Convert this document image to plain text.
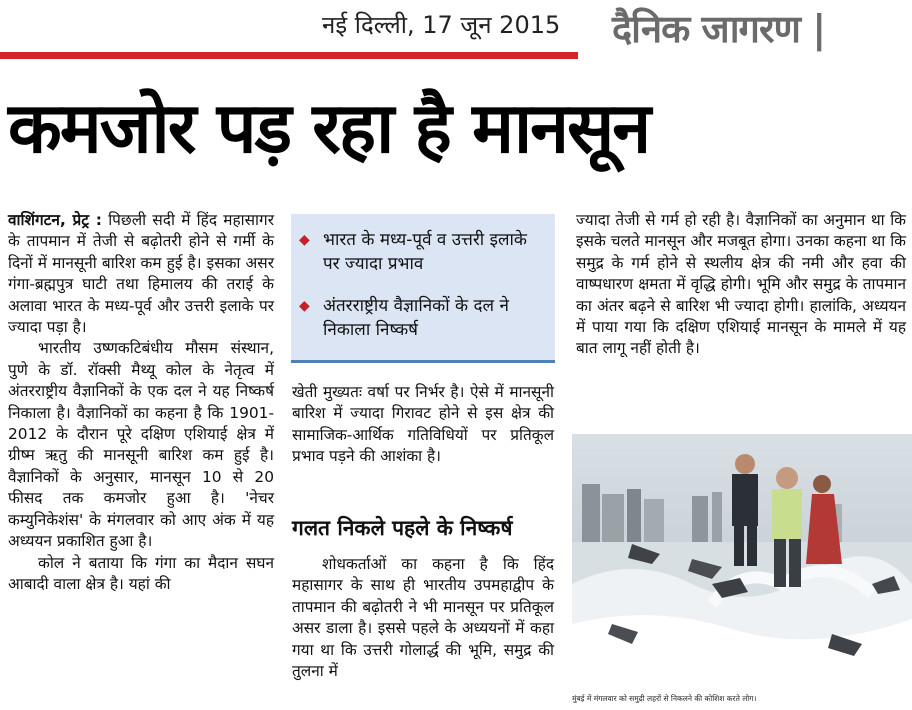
नई दिल्ली, 17 जून 2015 दैनिक जागरण |
कमजोर पड़ रहा है मानसून

वाशिंगटन, प्रेट्र : पिछली सदी में हिंद महासागर के तापमान में तेजी से बढ़ोतरी होने से गर्मी के दिनों में मानसूनी बारिश कम हुई है। इसका असर गंगा-ब्रह्मपुत्र घाटी तथा हिमालय की तराई के अलावा भारत के मध्य-पूर्व और उत्तरी इलाके पर ज्यादा पड़ा है।

भारतीय उष्णकटिबंधीय मौसम संस्थान, पुणे के डॉ. रॉक्सी मैथ्यू कोल के नेतृत्व में अंतरराष्ट्रीय वैज्ञानिकों के एक दल ने यह निष्कर्ष निकाला है। वैज्ञानिकों का कहना है कि 1901-2012 के दौरान पूरे दक्षिण एशियाई क्षेत्र में ग्रीष्म ऋतु की मानसूनी बारिश कम हुई है। वैज्ञानिकों के अनुसार, मानसून 10 से 20 फीसद तक कमजोर हुआ है। 'नेचर कम्युनिकेशंस' के मंगलवार को आए अंक में यह अध्ययन प्रकाशित हुआ है।

कोल ने बताया कि गंगा का मैदान सघन आबादी वाला क्षेत्र है। यहां की

◆ भारत के मध्य-पूर्व व उत्तरी इलाके पर ज्यादा प्रभाव
◆ अंतरराष्ट्रीय वैज्ञानिकों के दल ने निकाला निष्कर्ष

खेती मुख्यतः वर्षा पर निर्भर है। ऐसे में मानसूनी बारिश में ज्यादा गिरावट होने से इस क्षेत्र की सामाजिक-आर्थिक गतिविधियों पर प्रतिकूल प्रभाव पड़ने की आशंका है।

गलत निकले पहले के निष्कर्ष

शोधकर्ताओं का कहना है कि हिंद महासागर के साथ ही भारतीय उपमहाद्वीप के तापमान की बढ़ोतरी ने भी मानसून पर प्रतिकूल असर डाला है। इससे पहले के अध्ययनों में कहा गया था कि उत्तरी गोलार्द्ध की भूमि, समुद्र की तुलना में

ज्यादा तेजी से गर्म हो रही है। वैज्ञानिकों का अनुमान था कि इसके चलते मानसून और मजबूत होगा। उनका कहना था कि समुद्र के गर्म होने से स्थलीय क्षेत्र की नमी और हवा की वाष्पधारण क्षमता में वृद्धि होगी। भूमि और समुद्र के तापमान का अंतर बढ़ने से बारिश भी ज्यादा होगी। हालांकि, अध्ययन में पाया गया कि दक्षिण एशियाई मानसून के मामले में यह बात लागू नहीं होती है।

मुंबई में मंगलवार को समुद्री लहरों से निकलने की कोशिश करते लोग।
